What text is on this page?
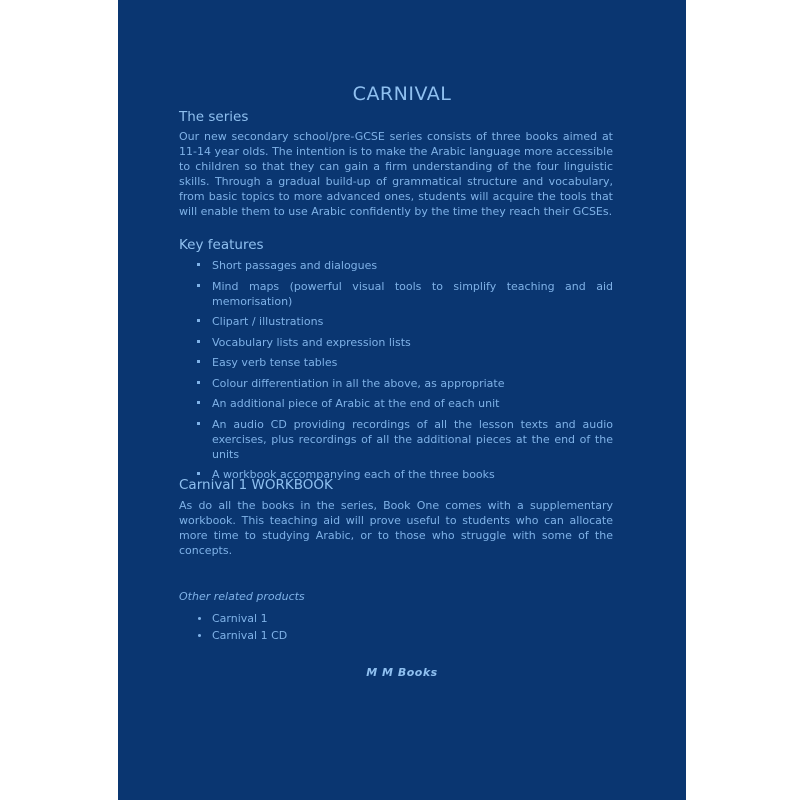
CARNIVAL
The series
Our new secondary school/pre-GCSE series consists of three books aimed at 11-14 year olds. The intention is to make the Arabic language more accessible to children so that they can gain a firm understanding of the four linguistic skills. Through a gradual build-up of grammatical structure and vocabulary, from basic topics to more advanced ones, students will acquire the tools that will enable them to use Arabic confidently by the time they reach their GCSEs.
Key features
Short passages and dialogues
Mind maps (powerful visual tools to simplify teaching and aid memorisation)
Clipart / illustrations
Vocabulary lists and expression lists
Easy verb tense tables
Colour differentiation in all the above, as appropriate
An additional piece of Arabic at the end of each unit
An audio CD providing recordings of all the lesson texts and audio exercises, plus recordings of all the additional pieces at the end of the units
A workbook accompanying each of the three books
Carnival 1 WORKBOOK
As do all the books in the series, Book One comes with a supplementary workbook. This teaching aid will prove useful to students who can allocate more time to studying Arabic, or to those who struggle with some of the concepts.
Other related products
Carnival 1
Carnival 1 CD
M M Books
